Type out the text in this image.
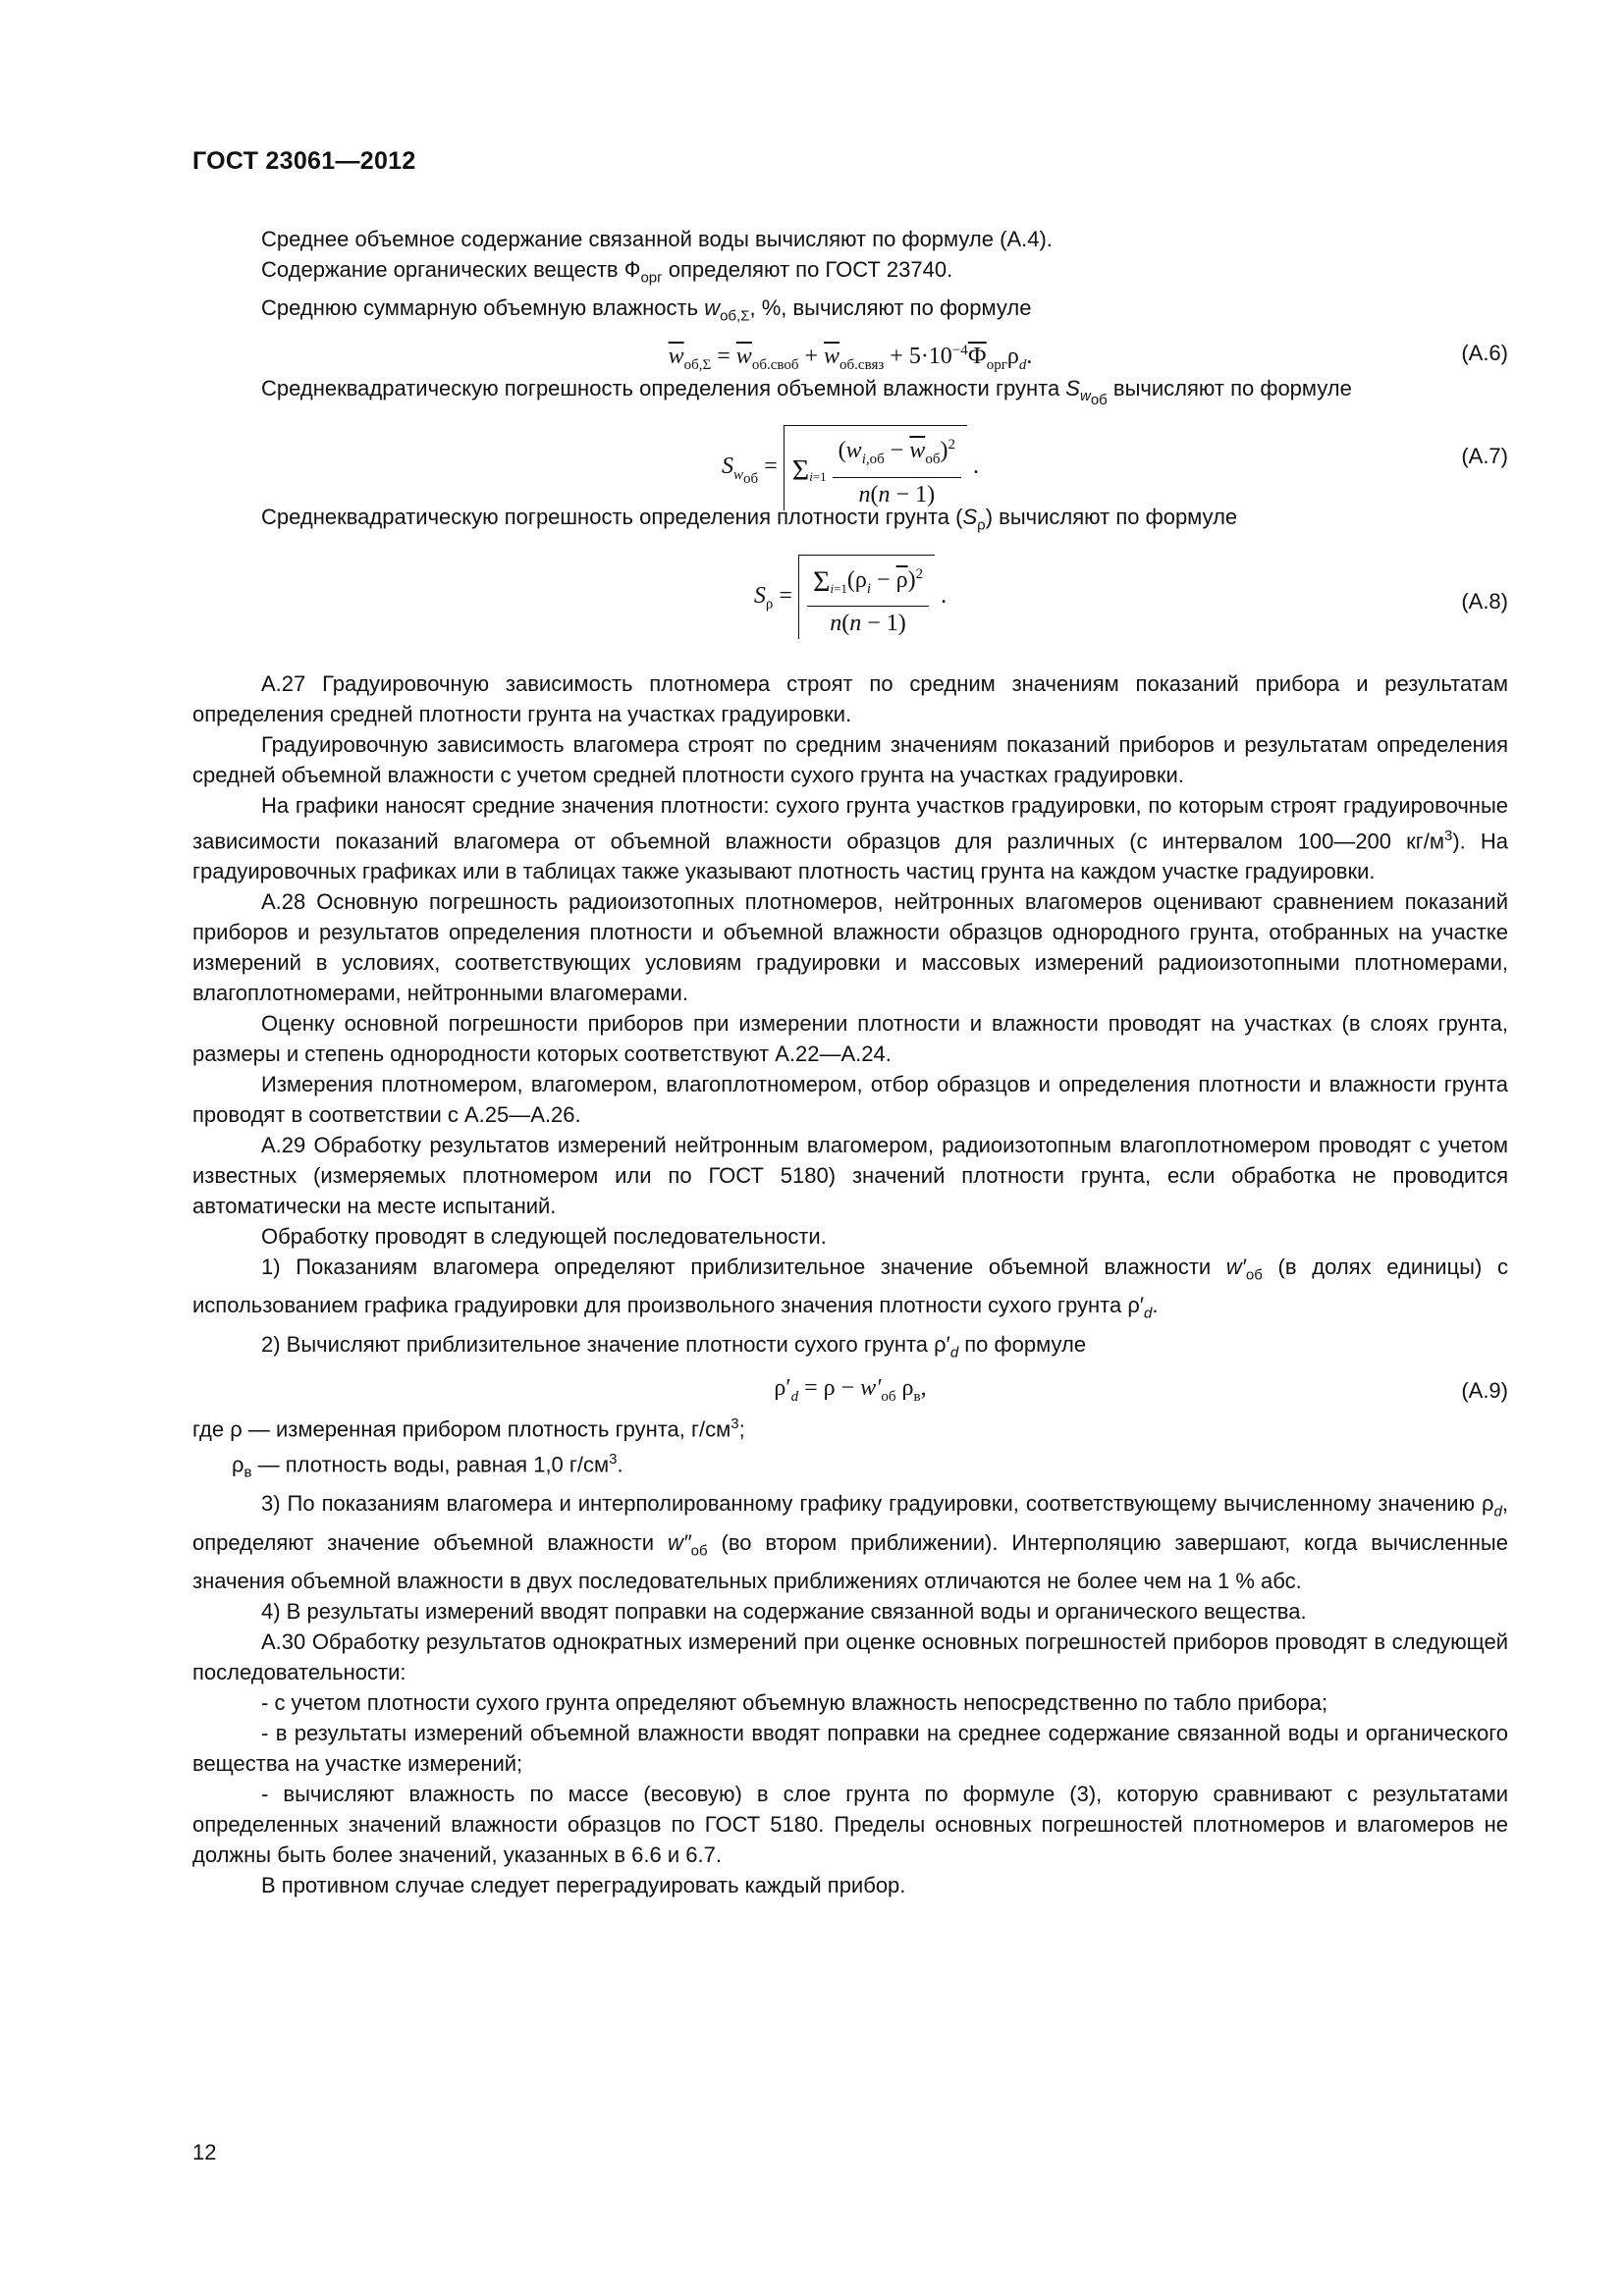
ГОСТ 23061—2012

Среднее объемное содержание связанной воды вычисляют по формуле (А.4).

Содержание органических веществ $Ф_{орг}$ определяют по ГОСТ 23740.

Среднюю суммарную объемную влажность $w_{об,\Sigma}$, %, вычисляют по формуле

$\overline{w}_{об,\Sigma} = \overline{w}_{об.своб} + \overline{w}_{об.связ} + 5\cdot 10^{-4}Ф_{орг}\rho_d$.	(А.6)

Среднеквадратическую погрешность определения объемной влажности грунта $S_{w_{об}}$ вычисляют по формуле

$S_{w_{об}} = \Sigma_{i=1} \frac{(w_{i,об} - \overline{w}_{об})^2}{n(n - 1)}$ .	(А.7)

Среднеквадратическую погрешность определения плотности грунта $(S_\rho)$ вычисляют по формуле

$S_\rho = \frac{\Sigma_{i=1}(\rho_i - \overline{\rho})^2}{n(n - 1)}$ .	(А.8)

А.27 Градуировочную зависимость плотномера строят по средним значениям показаний прибора и результатам определения средней плотности грунта на участках градуировки.

Градуировочную зависимость влагомера строят по средним значениям показаний приборов и результатам определения средней объемной влажности с учетом средней плотности сухого грунта на участках градуировки.

На графики наносят средние значения плотности: сухого грунта участков градуировки, по которым строят градуировочные зависимости показаний влагомера от объемной влажности образцов для различных (с интервалом 100—200 $кг/м^3$). На градуировочных графиках или в таблицах также указывают плотность частиц грунта на каждом участке градуировки.

А.28 Основную погрешность радиоизотопных плотномеров, нейтронных влагомеров оценивают сравнением показаний приборов и результатов определения плотности и объемной влажности образцов однородного грунта, отобранных на участке измерений в условиях, соответствующих условиям градуировки и массовых измерений радиоизотопными плотномерами, влагоплотномерами, нейтронными влагомерами.

Оценку основной погрешности приборов при измерении плотности и влажности проводят на участках (в слоях грунта, размеры и степень однородности которых соответствуют А.22—А.24.

Измерения плотномером, влагомером, влагоплотномером, отбор образцов и определения плотности и влажности грунта проводят в соответствии с А.25—А.26.

А.29 Обработку результатов измерений нейтронным влагомером, радиоизотопным влагоплотномером проводят с учетом известных (измеряемых плотномером или по ГОСТ 5180) значений плотности грунта, если обработка не проводится автоматически на месте испытаний.

Обработку проводят в следующей последовательности.

1) Показаниям влагомера определяют приблизительное значение объемной влажности $w'_{об}$ (в долях единицы) с использованием графика градуировки для произвольного значения плотности сухого грунта $\rho'_d$.

2) Вычисляют приблизительное значение плотности сухого грунта $\rho'_d$ по формуле

$\rho'_d = \rho - w'_{об}$ $\rho_в$,	(А.9)

где ρ — измеренная прибором плотность грунта, $г/см^3$;

$\rho_в$ — плотность воды, равная 1,0 $г/см^3$.

3) По показаниям влагомера и интерполированному графику градуировки, соответствующему вычисленному значению $\rho_d$, определяют значение объемной влажности $w''_{об}$ (во втором приближении). Интерполяцию завершают, когда вычисленные значения объемной влажности в двух последовательных приближениях отличаются не более чем на 1 % абс.

4) В результаты измерений вводят поправки на содержание связанной воды и органического вещества.

А.30 Обработку результатов однократных измерений при оценке основных погрешностей приборов проводят в следующей последовательности:

- с учетом плотности сухого грунта определяют объемную влажность непосредственно по табло прибора;

- в результаты измерений объемной влажности вводят поправки на среднее содержание связанной воды и органического вещества на участке измерений;

- вычисляют влажность по массе (весовую) в слое грунта по формуле (3), которую сравнивают с результатами определенных значений влажности образцов по ГОСТ 5180. Пределы основных погрешностей плотномеров и влагомеров не должны быть более значений, указанных в 6.6 и 6.7.

В противном случае следует переградуировать каждый прибор.

12
